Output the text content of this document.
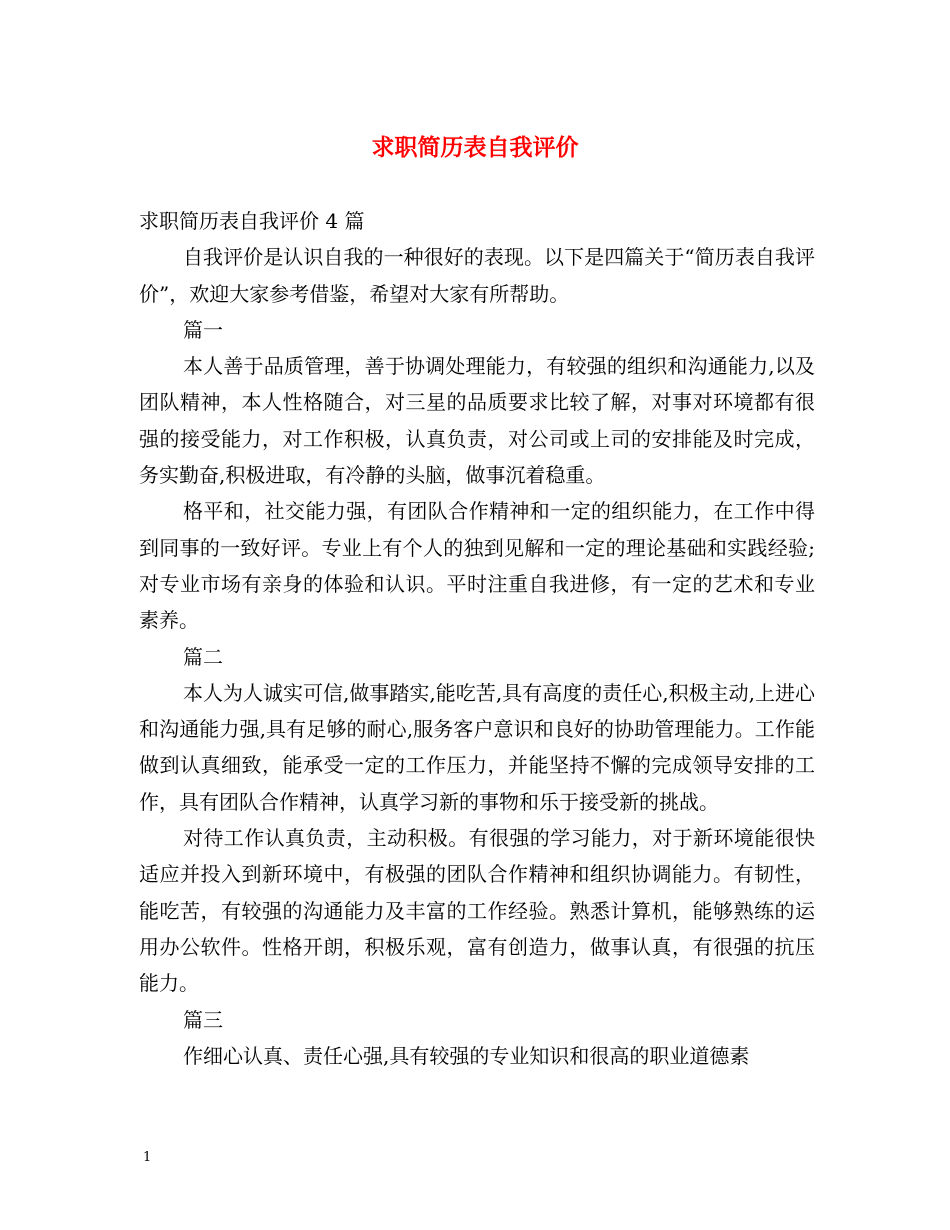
求职简历表自我评价

求职简历表自我评价 4 篇

自我评价是认识自我的一种很好的表现。以下是四篇关于“简历表自我评价”，欢迎大家参考借鉴，希望对大家有所帮助。

篇一

本人善于品质管理，善于协调处理能力，有较强的组织和沟通能力,以及团队精神，本人性格随合，对三星的品质要求比较了解，对事对环境都有很强的接受能力，对工作积极，认真负责，对公司或上司的安排能及时完成，务实勤奋,积极进取，有冷静的头脑，做事沉着稳重。

格平和，社交能力强，有团队合作精神和一定的组织能力，在工作中得到同事的一致好评。专业上有个人的独到见解和一定的理论基础和实践经验;对专业市场有亲身的体验和认识。平时注重自我进修，有一定的艺术和专业素养。

篇二

本人为人诚实可信,做事踏实,能吃苦,具有高度的责任心,积极主动,上进心和沟通能力强,具有足够的耐心,服务客户意识和良好的协助管理能力。工作能做到认真细致，能承受一定的工作压力，并能坚持不懈的完成领导安排的工作，具有团队合作精神，认真学习新的事物和乐于接受新的挑战。

对待工作认真负责，主动积极。有很强的学习能力，对于新环境能很快适应并投入到新环境中，有极强的团队合作精神和组织协调能力。有韧性，能吃苦，有较强的沟通能力及丰富的工作经验。熟悉计算机，能够熟练的运用办公软件。性格开朗，积极乐观，富有创造力，做事认真，有很强的抗压能力。

篇三

作细心认真、责任心强,具有较强的专业知识和很高的职业道德素

1
